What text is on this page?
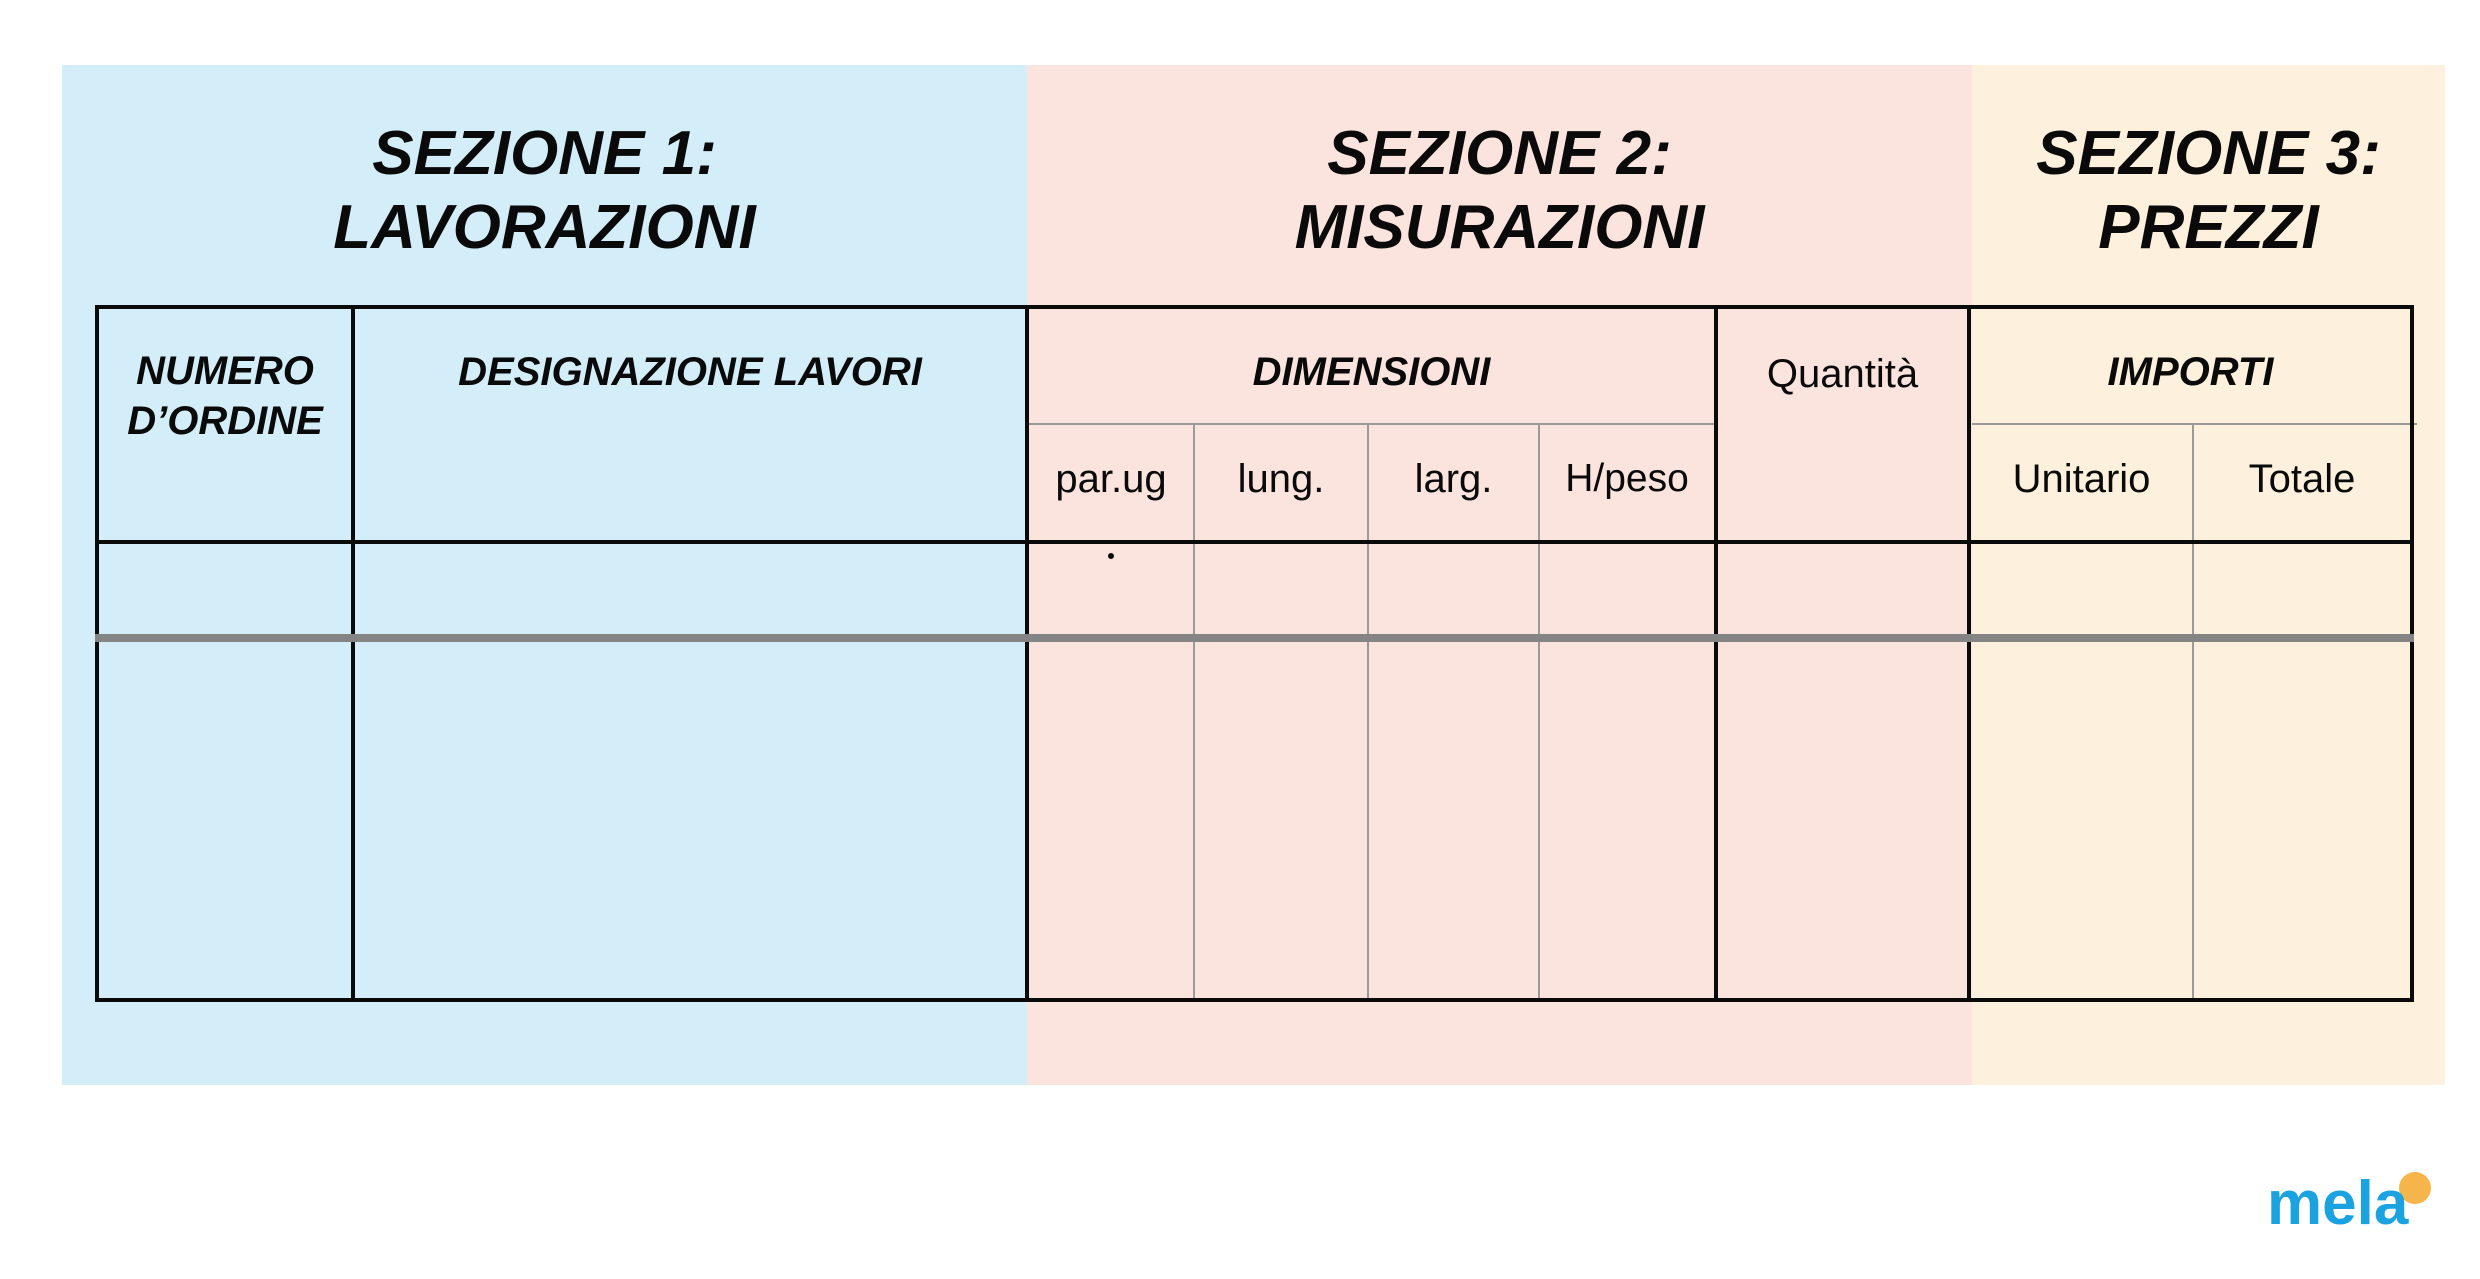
SEZIONE 1:
LAVORAZIONI
SEZIONE 2:
MISURAZIONI
SEZIONE 3:
PREZZI
NUMERO
D’ORDINE
DESIGNAZIONE LAVORI	DIMENSIONI
par.ug	lung.	larg.	H/peso
Quantità	IMPORTI
Unitario	Totale
mela
